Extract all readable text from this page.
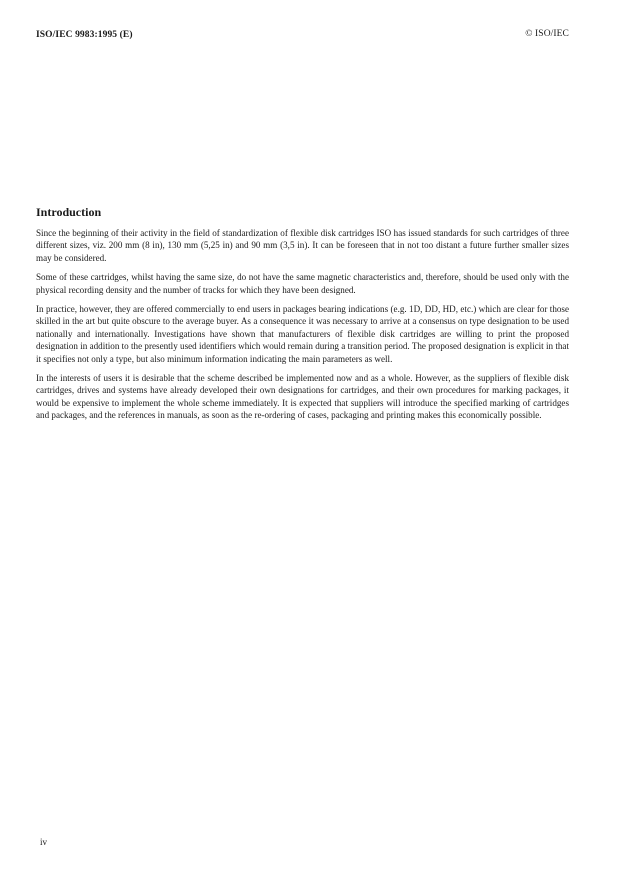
ISO/IEC 9983:1995 (E)	© ISO/IEC
Introduction

Since the beginning of their activity in the field of standardization of flexible disk cartridges ISO has issued standards for such cartridges of three different sizes, viz. 200 mm (8 in), 130 mm (5,25 in) and 90 mm (3,5 in). It can be foreseen that in not too distant a future further smaller sizes may be considered.

Some of these cartridges, whilst having the same size, do not have the same magnetic characteristics and, therefore, should be used only with the physical recording density and the number of tracks for which they have been designed.

In practice, however, they are offered commercially to end users in packages bearing indications (e.g. 1D, DD, HD, etc.) which are clear for those skilled in the art but quite obscure to the average buyer. As a consequence it was necessary to arrive at a consensus on type designation to be used nationally and internationally. Investigations have shown that manufacturers of flexible disk cartridges are willing to print the proposed designation in addition to the presently used identifiers which would remain during a transition period. The proposed designation is explicit in that it specifies not only a type, but also minimum information indicating the main parameters as well.

In the interests of users it is desirable that the scheme described be implemented now and as a whole. However, as the suppliers of flexible disk cartridges, drives and systems have already developed their own designations for cartridges, and their own procedures for marking packages, it would be expensive to implement the whole scheme immediately. It is expected that suppliers will introduce the specified marking of cartridges and packages, and the references in manuals, as soon as the re-ordering of cases, packaging and printing makes this economically possible.

iv
